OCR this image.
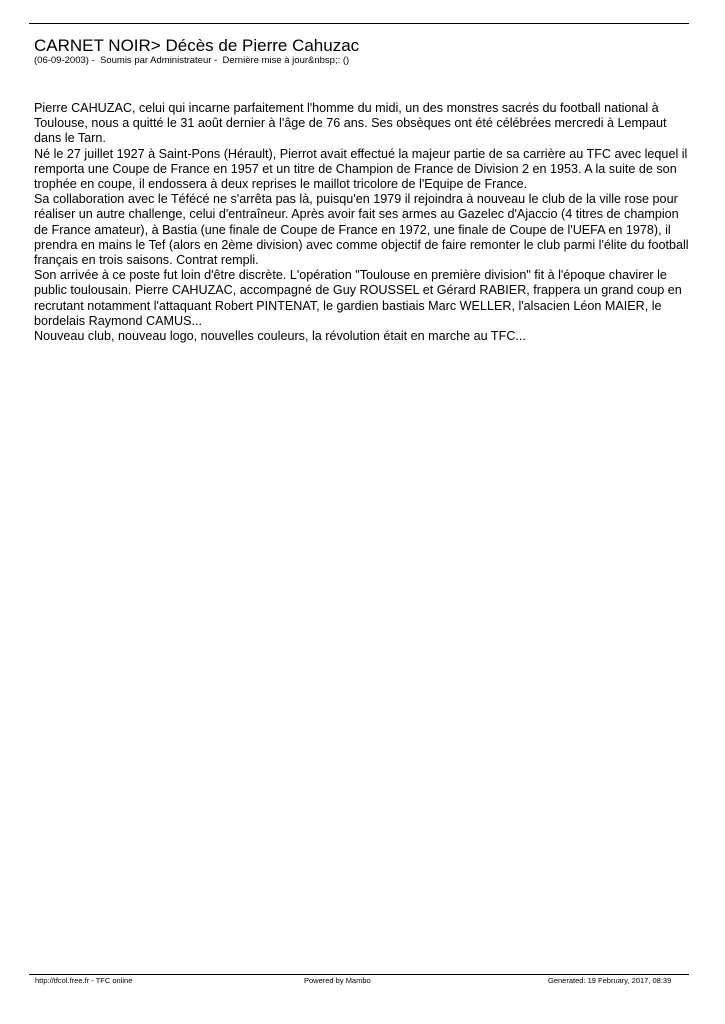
CARNET NOIR> Décès de Pierre Cahuzac
(06-09-2003) -  Soumis par Administrateur -  Dernière mise à jour&nbsp;: ()

Pierre CAHUZAC, celui qui incarne parfaitement l'homme du midi, un des monstres sacrés du football national à Toulouse, nous a quitté le 31 août dernier à l'âge de 76 ans. Ses obsèques ont été célébrées mercredi à Lempaut dans le Tarn.

Né le 27 juillet 1927 à Saint-Pons (Hérault), Pierrot avait effectué la majeur partie de sa carrière au TFC avec lequel il remporta une Coupe de France en 1957 et un titre de Champion de France de Division 2 en 1953. A la suite de son trophée en coupe, il endossera à deux reprises le maillot tricolore de l'Equipe de France.

Sa collaboration avec le Téfécé ne s'arrêta pas là, puisqu'en 1979 il rejoindra à nouveau le club de la ville rose pour réaliser un autre challenge, celui d'entraîneur. Après avoir fait ses armes au Gazelec d'Ajaccio (4 titres de champion de France amateur), à Bastia (une finale de Coupe de France en 1972, une finale de Coupe de l'UEFA en 1978), il prendra en mains le Tef (alors en 2ème division) avec comme objectif de faire remonter le club parmi l'élite du football français en trois saisons. Contrat rempli.

Son arrivée à ce poste fut loin d'être discrète. L'opération "Toulouse en première division" fit à l'époque chavirer le public toulousain. Pierre CAHUZAC, accompagné de Guy ROUSSEL et Gérard RABIER, frappera un grand coup en recrutant notamment l'attaquant Robert PINTENAT, le gardien bastiais Marc WELLER, l'alsacien Léon MAIER, le bordelais Raymond CAMUS...

Nouveau club, nouveau logo, nouvelles couleurs, la révolution était en marche au TFC...

http://tfcol.free.fr - TFC online	Powered by Mambo	Generated: 19 February, 2017, 08:39
